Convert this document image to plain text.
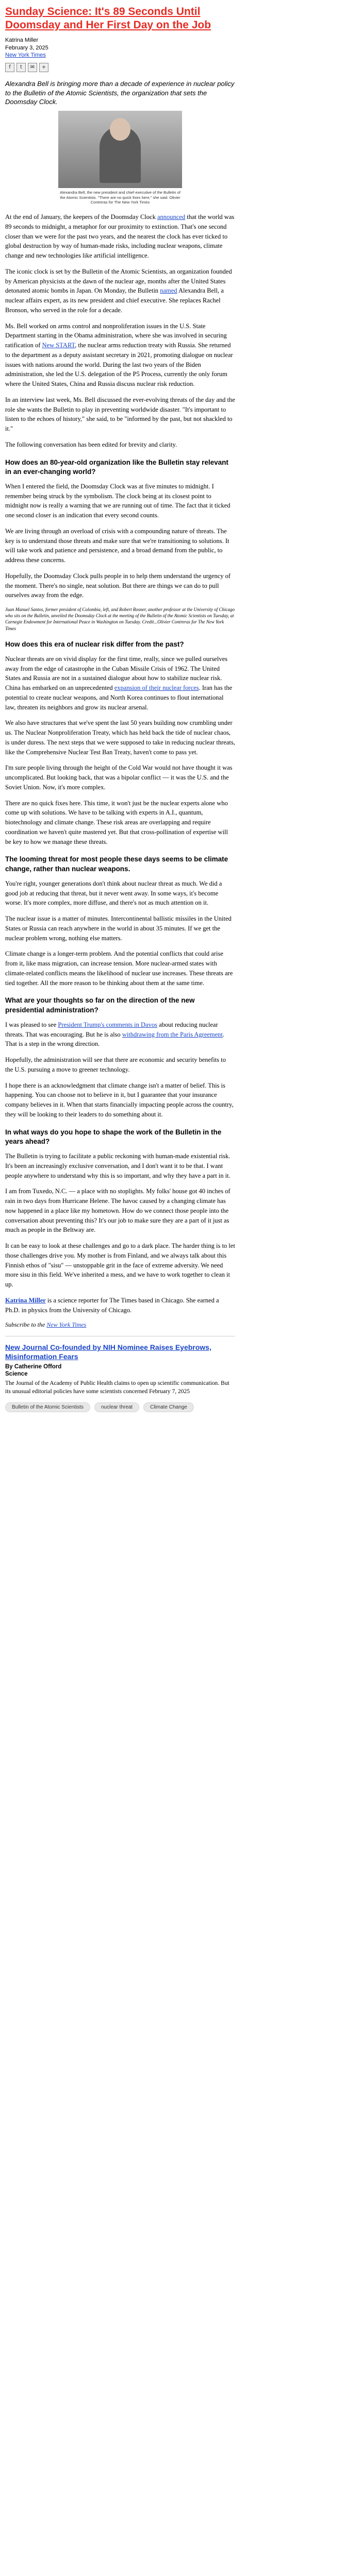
Sunday Science: It's 89 Seconds Until Doomsday and Her First Day on the Job

Katrina Miller

February 3, 2025

New York Times

f	t	✉	+

Alexandra Bell is bringing more than a decade of experience in nuclear policy to the Bulletin of the Atomic Scientists, the organization that sets the Doomsday Clock.

Alexandra Bell, the new president and chief executive of the Bulletin of the Atomic Scientists. "There are no quick fixes here," she said. Olivier Contreras for The New York Times

At the end of January, the keepers of the Doomsday Clock announced that the world was 89 seconds to midnight, a metaphor for our proximity to extinction. That's one second closer than we were for the past two years, and the nearest the clock has ever ticked to global destruction by way of human-made risks, including nuclear weapons, climate change and new technologies like artificial intelligence.

The iconic clock is set by the Bulletin of the Atomic Scientists, an organization founded by American physicists at the dawn of the nuclear age, months after the United States detonated atomic bombs in Japan. On Monday, the Bulletin named Alexandra Bell, a nuclear affairs expert, as its new president and chief executive. She replaces Rachel Bronson, who served in the role for a decade.

Ms. Bell worked on arms control and nonproliferation issues in the U.S. State Department starting in the Obama administration, where she was involved in securing ratification of New START, the nuclear arms reduction treaty with Russia. She returned to the department as a deputy assistant secretary in 2021, promoting dialogue on nuclear issues with nations around the world. During the last two years of the Biden administration, she led the U.S. delegation of the P5 Process, currently the only forum where the United States, China and Russia discuss nuclear risk reduction.

In an interview last week, Ms. Bell discussed the ever-evolving threats of the day and the role she wants the Bulletin to play in preventing worldwide disaster. "It's important to listen to the echoes of history," she said, to be "informed by the past, but not shackled to it."

The following conversation has been edited for brevity and clarity.

How does an 80-year-old organization like the Bulletin stay relevant in an ever-changing world?

When I entered the field, the Doomsday Clock was at five minutes to midnight. I remember being struck by the symbolism. The clock being at its closest point to midnight now is really a warning that we are running out of time. The fact that it ticked one second closer is an indication that every second counts.

We are living through an overload of crisis with a compounding nature of threats. The key is to understand those threats and make sure that we're transitioning to solutions. It will take work and patience and persistence, and a broad demand from the public, to address these concerns.

Hopefully, the Doomsday Clock pulls people in to help them understand the urgency of the moment. There's no single, neat solution. But there are things we can do to pull ourselves away from the edge.

Juan Manuel Santos, former president of Colombia, left, and Robert Rosner, another professor at the University of Chicago who sits on the Bulletin, unveiled the Doomsday Clock at the meeting of the Bulletin of the Atomic Scientists on Tuesday, at Carnegie Endowment for International Peace in Washington on Tuesday. Credit...Olivier Contreras for The New York Times

How does this era of nuclear risk differ from the past?

Nuclear threats are on vivid display for the first time, really, since we pulled ourselves away from the edge of catastrophe in the Cuban Missile Crisis of 1962. The United States and Russia are not in a sustained dialogue about how to stabilize nuclear risk. China has embarked on an unprecedented expansion of their nuclear forces. Iran has the potential to create nuclear weapons, and North Korea continues to flout international law, threaten its neighbors and grow its nuclear arsenal.

We also have structures that we've spent the last 50 years building now crumbling under us. The Nuclear Nonproliferation Treaty, which has held back the tide of nuclear chaos, is under duress. The next steps that we were supposed to take in reducing nuclear threats, like the Comprehensive Nuclear Test Ban Treaty, haven't come to pass yet.

I'm sure people living through the height of the Cold War would not have thought it was uncomplicated. But looking back, that was a bipolar conflict — it was the U.S. and the Soviet Union. Now, it's more complex.

There are no quick fixes here. This time, it won't just be the nuclear experts alone who come up with solutions. We have to be talking with experts in A.I., quantum, biotechnology and climate change. These risk areas are overlapping and require coordination we haven't quite mastered yet. But that cross-pollination of expertise will be key to how we manage these threats.

The looming threat for most people these days seems to be climate change, rather than nuclear weapons.

You're right, younger generations don't think about nuclear threat as much. We did a good job at reducing that threat, but it never went away. In some ways, it's become worse. It's more complex, more diffuse, and there's not as much attention on it.

The nuclear issue is a matter of minutes. Intercontinental ballistic missiles in the United States or Russia can reach anywhere in the world in about 35 minutes. If we get the nuclear problem wrong, nothing else matters.

Climate change is a longer-term problem. And the potential conflicts that could arise from it, like mass migration, can increase tension. More nuclear-armed states with climate-related conflicts means the likelihood of nuclear use increases. These threats are tied together. All the more reason to be thinking about them at the same time.

What are your thoughts so far on the direction of the new presidential administration?

I was pleased to see President Trump's comments in Davos about reducing nuclear threats. That was encouraging. But he is also withdrawing from the Paris Agreement. That is a step in the wrong direction.

Hopefully, the administration will see that there are economic and security benefits to the U.S. pursuing a move to greener technology.

I hope there is an acknowledgment that climate change isn't a matter of belief. This is happening. You can choose not to believe in it, but I guarantee that your insurance company believes in it. When that starts financially impacting people across the country, they will be looking to their leaders to do something about it.

In what ways do you hope to shape the work of the Bulletin in the years ahead?

The Bulletin is trying to facilitate a public reckoning with human-made existential risk. It's been an increasingly exclusive conversation, and I don't want it to be that. I want people anywhere to understand why this is so important, and why they have a part in it.

I am from Tuxedo, N.C. — a place with no stoplights. My folks' house got 40 inches of rain in two days from Hurricane Helene. The havoc caused by a changing climate has now happened in a place like my hometown. How do we connect those people into the conversation about preventing this? It's our job to make sure they are a part of it just as much as people in the Beltway are.

It can be easy to look at these challenges and go to a dark place. The harder thing is to let those challenges drive you. My mother is from Finland, and we always talk about this Finnish ethos of "sisu" — unstoppable grit in the face of extreme adversity. We need more sisu in this field. We've inherited a mess, and we have to work together to clean it up.

Katrina Miller is a science reporter for The Times based in Chicago. She earned a Ph.D. in physics from the University of Chicago.

Subscribe to the New York Times

New Journal Co-founded by NIH Nominee Raises Eyebrows, Misinformation Fears
By Catherine Offord
Science

The Journal of the Academy of Public Health claims to open up scientific communication. But its unusual editorial policies have some scientists concerned February 7, 2025

Bulletin of the Atomic Scientists	nuclear threat	Climate Change
